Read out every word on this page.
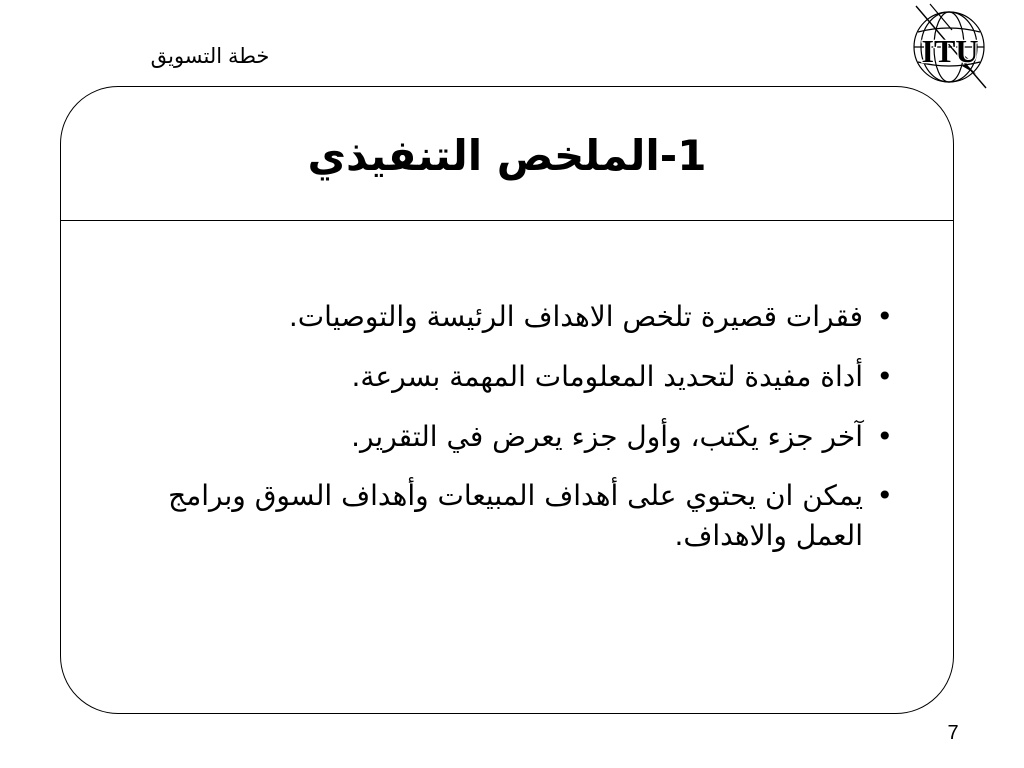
خطة التسويق	ITU
1-الملخص التنفيذي
•
فقرات قصيرة تلخص الاهداف الرئيسة والتوصيات.
•
أداة مفيدة لتحديد المعلومات المهمة بسرعة.
•
آخر جزء يكتب، وأول جزء يعرض في التقرير.
•
يمكن ان يحتوي على أهداف المبيعات وأهداف السوق وبرامج العمل والاهداف.
7
